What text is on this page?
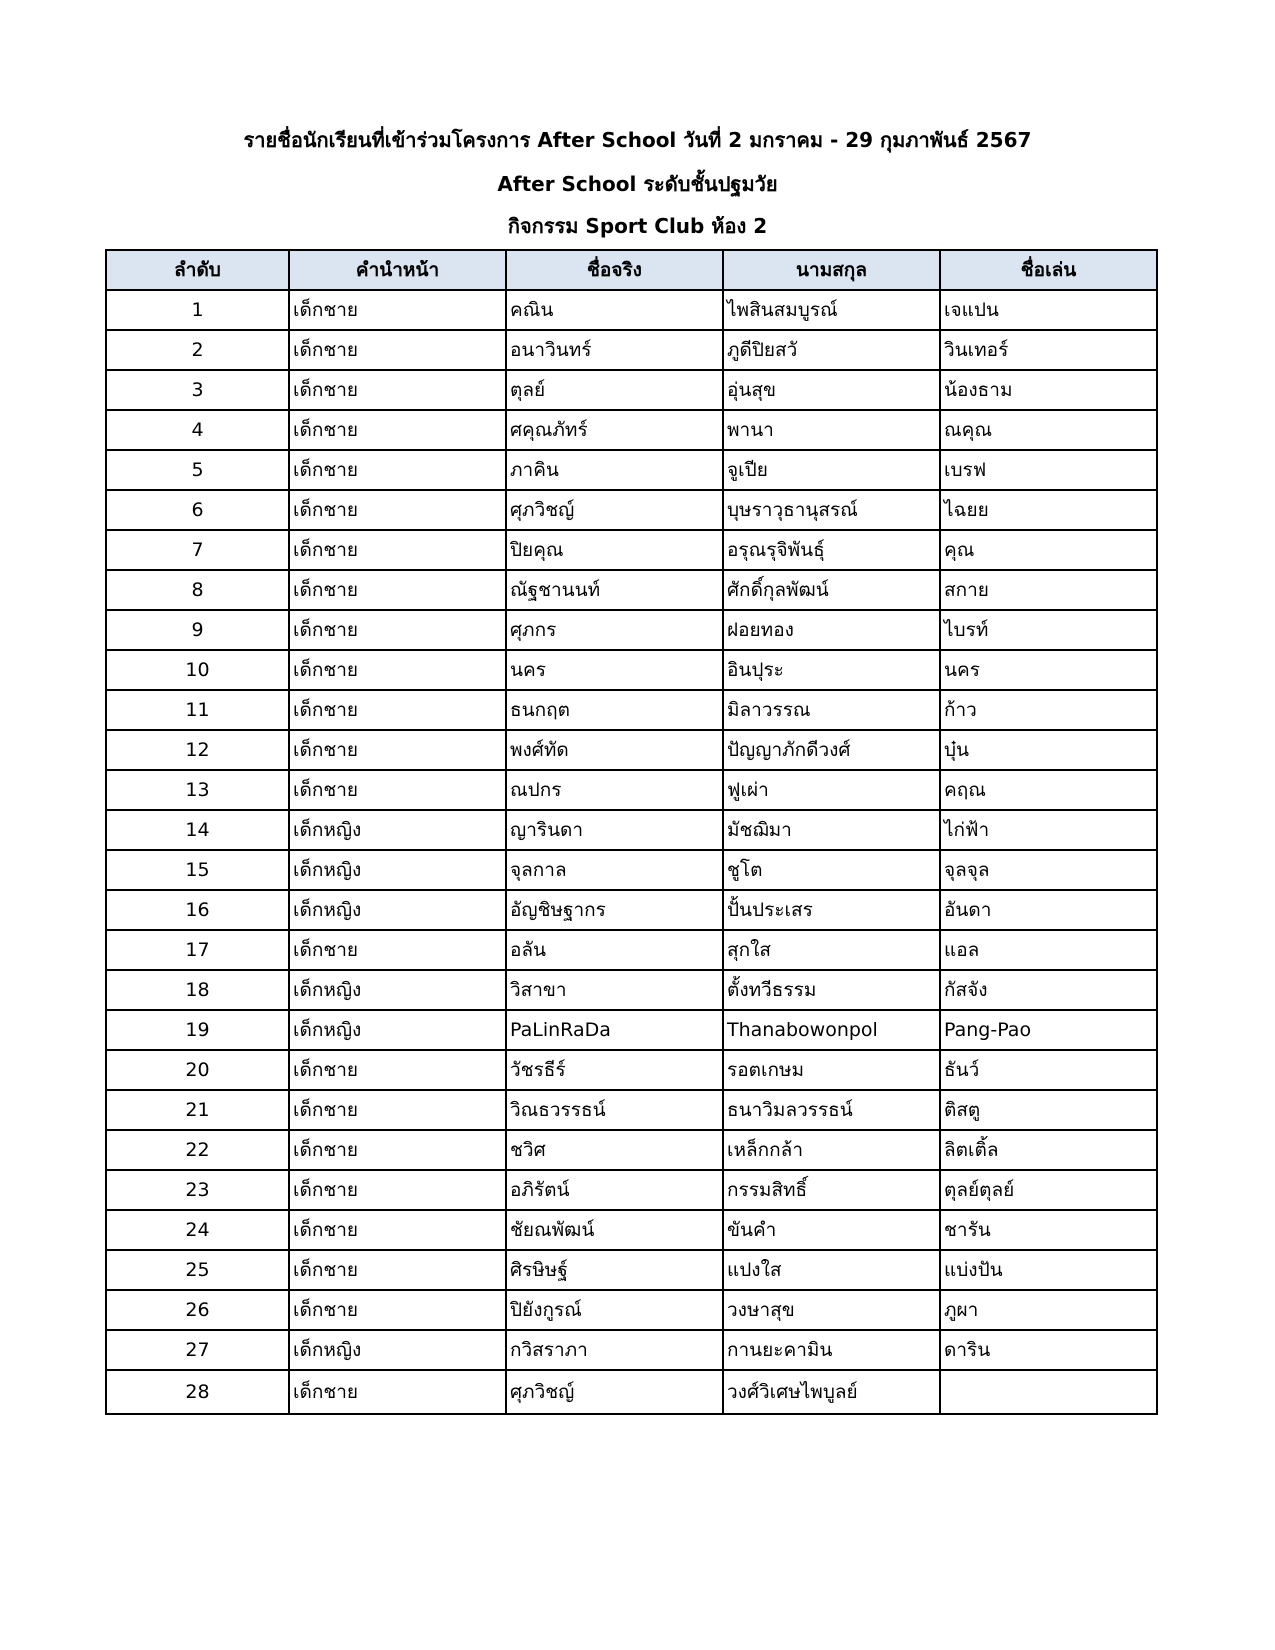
รายชื่อนักเรียนที่เข้าร่วมโครงการ After School วันที่ 2 มกราคม - 29 กุมภาพันธ์ 2567
After School ระดับชั้นปฐมวัย
กิจกรรม Sport Club ห้อง 2
ลำดับ	คำนำหน้า	ชื่อจริง	นามสกุล	ชื่อเล่น
1	เด็กชาย	คณิน	ไพสินสมบูรณ์	เจแปน
2	เด็กชาย	อนาวินทร์	ภูดีปิยสวั	วินเทอร์
3	เด็กชาย	ตุลย์	อุ่นสุข	น้องธาม
4	เด็กชาย	ศคุณภัทร์	พานา	ณคุณ
5	เด็กชาย	ภาคิน	จูเปีย	เบรฟ
6	เด็กชาย	ศุภวิชญ์	บุษราวุธานุสรณ์	ไฉยย
7	เด็กชาย	ปิยคุณ	อรุณรุจิพันธุ์	คุณ
8	เด็กชาย	ณัฐชานนท์	ศักดิ์กุลพัฒน์	สกาย
9	เด็กชาย	ศุภกร	ฝอยทอง	ไบรท์
10	เด็กชาย	นคร	อินปุระ	นคร
11	เด็กชาย	ธนกฤต	มิลาวรรณ	ก้าว
12	เด็กชาย	พงศ์ทัด	ปัญญาภักดีวงศ์	บุ๋น
13	เด็กชาย	ณปกร	ฟูเผ่า	คฤณ
14	เด็กหญิง	ญารินดา	มัชฌิมา	ไก่ฟ้า
15	เด็กหญิง	จุลกาล	ชูโต	จุลจุล
16	เด็กหญิง	อัญชิษฐากร	ปั้นประเสร	อันดา
17	เด็กชาย	อลัน	สุกใส	แอล
18	เด็กหญิง	วิสาขา	ตั้งทวีธรรม	กัสจัง
19	เด็กหญิง	PaLinRaDa	Thanabowonpol	Pang-Pao
20	เด็กชาย	วัชรธีร์	รอตเกษม	ธันว์
21	เด็กชาย	วิณธวรรธน์	ธนาวิมลวรรธน์	ติสตู
22	เด็กชาย	ชวิศ	เหล็กกล้า	ลิตเติ้ล
23	เด็กชาย	อภิรัตน์	กรรมสิทธิ์	ตุลย์ตุลย์
24	เด็กชาย	ชัยณพัฒน์	ขันคำ	ชารัน
25	เด็กชาย	ศิรษิษฐ์	แปงใส	แบ่งปัน
26	เด็กชาย	ปิยังกูรณ์	วงษาสุข	ภูผา
27	เด็กหญิง	กวิสราภา	กานยะคามิน	ดาริน
28	เด็กชาย	ศุภวิชญ์	วงศ์วิเศษไพบูลย์	
